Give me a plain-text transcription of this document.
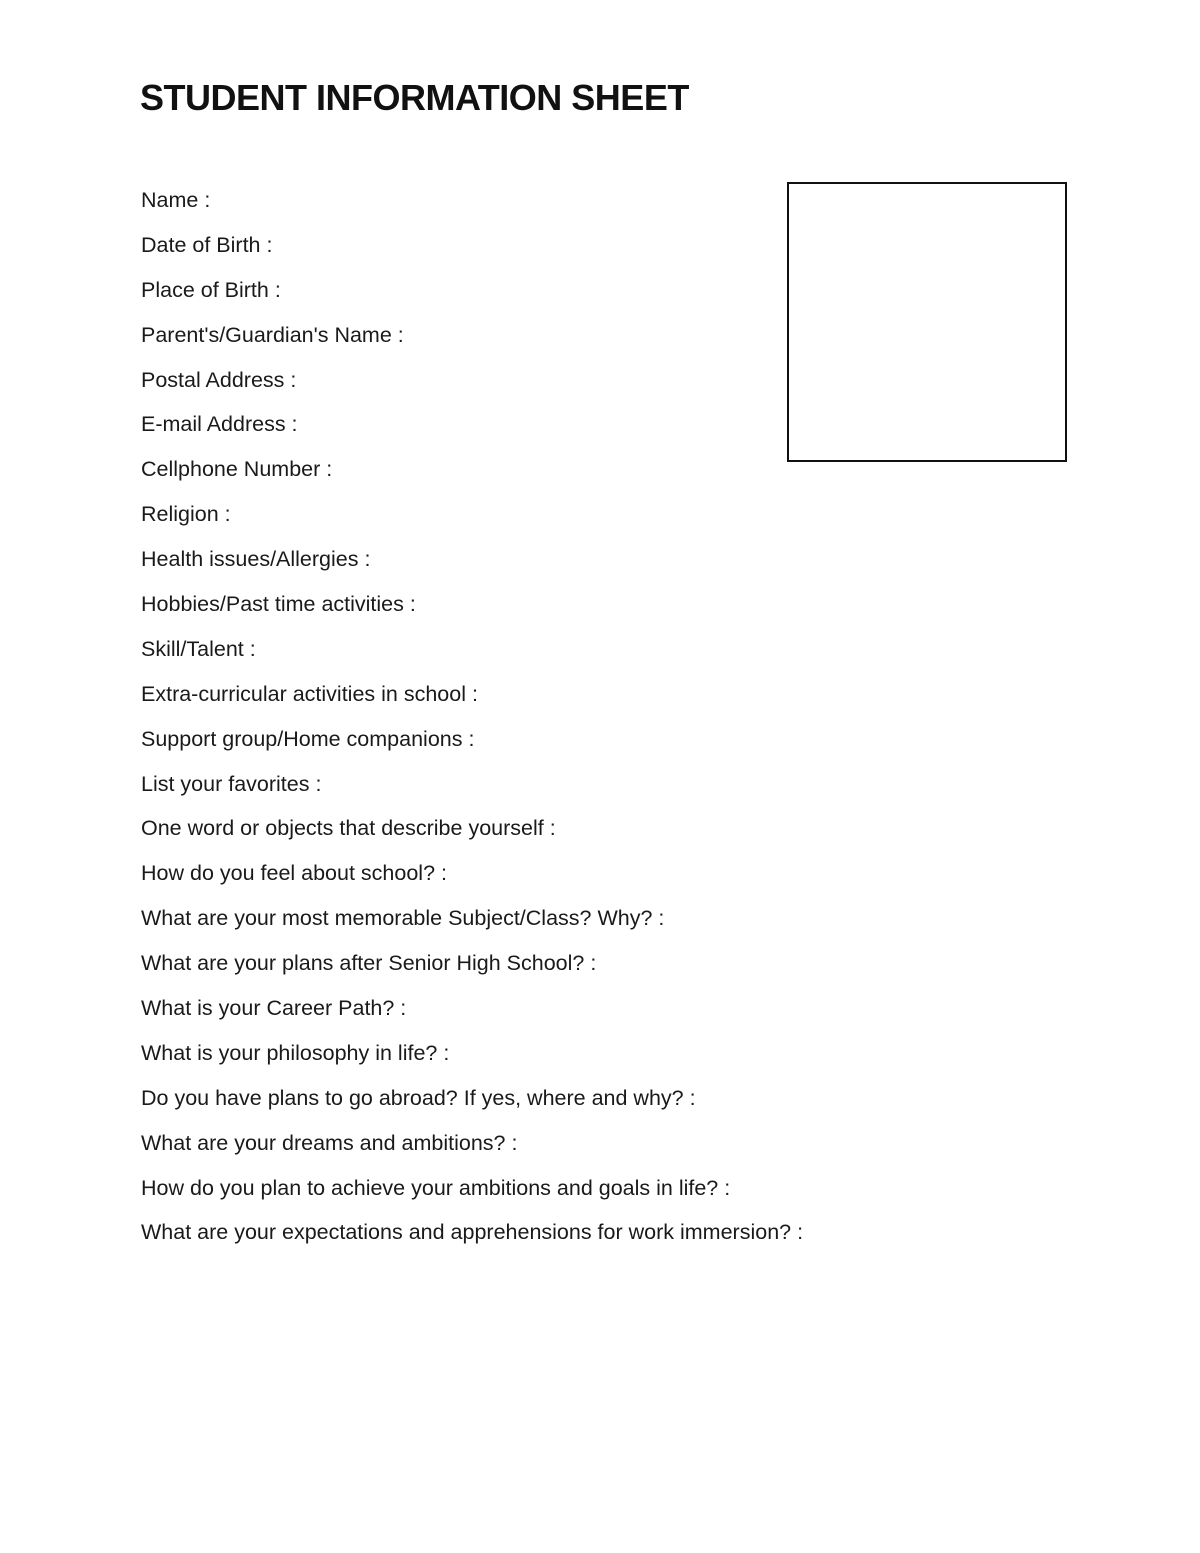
STUDENT INFORMATION SHEET
Name :
Date of Birth :
Place of Birth :
Parent's/Guardian's Name :
Postal Address :
E-mail Address :
Cellphone Number :
Religion :
Health issues/Allergies :
Hobbies/Past time activities :
Skill/Talent :
Extra-curricular activities in school :
Support group/Home companions :
List your favorites :
One word or objects that describe yourself :
How do you feel about school? :
What are your most memorable Subject/Class? Why? :
What are your plans after Senior High School? :
What is your Career Path? :
What is your philosophy in life? :
Do you have plans to go abroad? If yes, where and why? :
What are your dreams and ambitions? :
How do you plan to achieve your ambitions and goals in life? :
What are your expectations and apprehensions for work immersion? :
